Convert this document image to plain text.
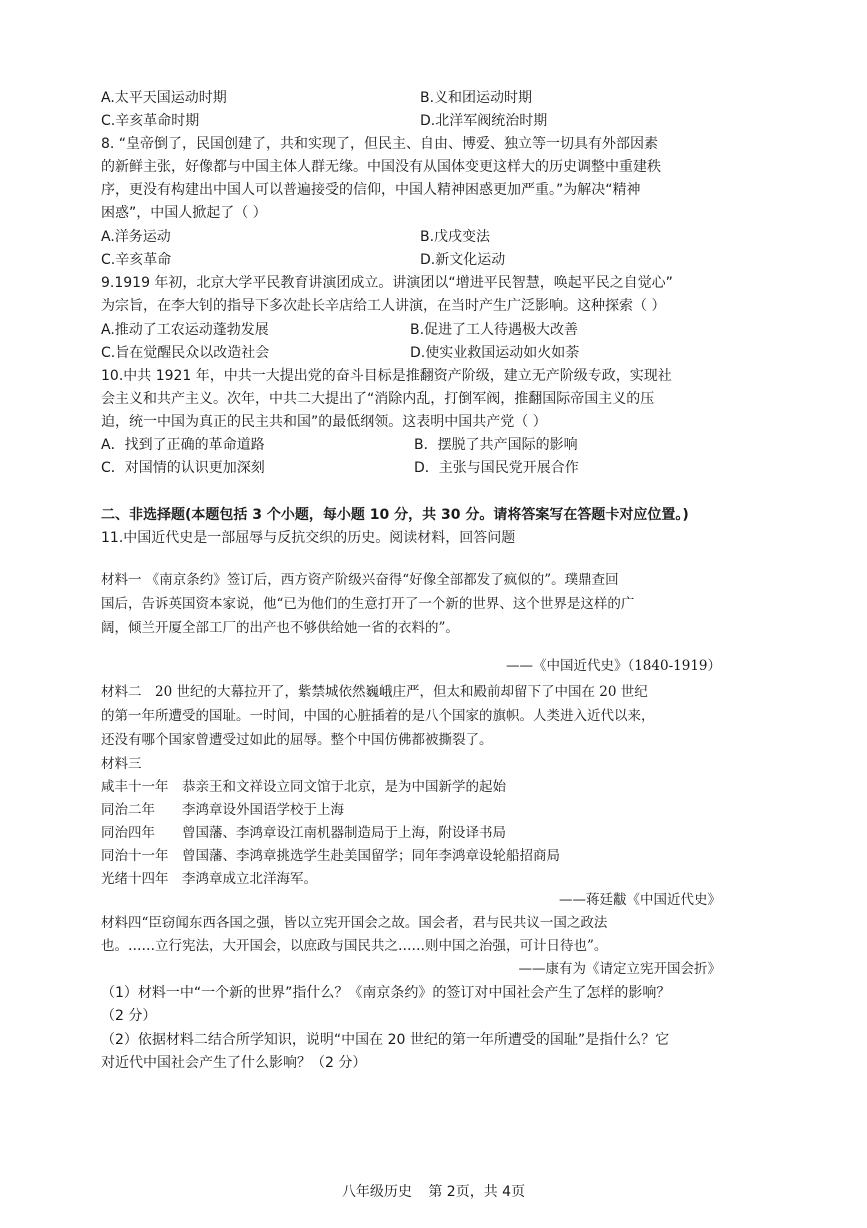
A.太平天国运动时期	B.义和团运动时期
C.辛亥革命时期	D.北洋军阀统治时期
8. “皇帝倒了，民国创建了，共和实现了，但民主、自由、博爱、独立等一切具有外部因素
的新鲜主张，好像都与中国主体人群无缘。中国没有从国体变更这样大的历史调整中重建秩
序，更没有构建出中国人可以普遍接受的信仰，中国人精神困惑更加严重。”为解决“精神
困惑”，中国人掀起了（ ）
A.洋务运动	B.戊戌变法
C.辛亥革命	D.新文化运动
9.1919 年初，北京大学平民教育讲演团成立。讲演团以“增进平民智慧，唤起平民之自觉心”
为宗旨，在李大钊的指导下多次赴长辛店给工人讲演，在当时产生广泛影响。这种探索（ ）
A.推动了工农运动蓬勃发展	B.促进了工人待遇极大改善
C.旨在觉醒民众以改造社会	D.使实业救国运动如火如荼
10.中共 1921 年，中共一大提出党的奋斗目标是推翻资产阶级，建立无产阶级专政，实现社
会主义和共产主义。次年，中共二大提出了“消除内乱，打倒军阀，推翻国际帝国主义的压
迫，统一中国为真正的民主共和国”的最低纲领。这表明中国共产党（ ）
A．找到了正确的革命道路	B．摆脱了共产国际的影响
C．对国情的认识更加深刻	D．主张与国民党开展合作
二、非选择题(本题包括 3 个小题，每小题 10 分，共 30 分。请将答案写在答题卡对应位置。)
11.中国近代史是一部屈辱与反抗交织的历史。阅读材料，回答问题
材料一 《南京条约》签订后，西方资产阶级兴奋得“好像全部都发了疯似的”。璞鼎查回
国后，告诉英国资本家说，他“已为他们的生意打开了一个新的世界、这个世界是这样的广
阔，倾兰开厦全部工厂的出产也不够供给她一省的衣料的”。
——《中国近代史》（1840-1919）
材料二　20 世纪的大幕拉开了，紫禁城依然巍峨庄严，但太和殿前却留下了中国在 20 世纪
的第一年所遭受的国耻。一时间，中国的心脏插着的是八个国家的旗帜。人类进入近代以来，
还没有哪个国家曾遭受过如此的屈辱。整个中国仿佛都被撕裂了。
材料三
咸丰十一年　恭亲王和文祥设立同文馆于北京，是为中国新学的起始
同治二年　　李鸿章设外国语学校于上海
同治四年　　曾国藩、李鸿章设江南机器制造局于上海，附设译书局
同治十一年　曾国藩、李鸿章挑选学生赴美国留学；同年李鸿章设轮船招商局
光绪十四年　李鸿章成立北洋海军。
——蒋廷黻《中国近代史》
材料四“臣窃闻东西各国之强，皆以立宪开国会之故。国会者，君与民共议一国之政法
也。……立行宪法，大开国会，以庶政与国民共之……则中国之治强，可计日待也”。
——康有为《请定立宪开国会折》
（1）材料一中“一个新的世界”指什么？《南京条约》的签订对中国社会产生了怎样的影响？
（2 分）
（2）依据材料二结合所学知识，说明“中国在 20 世纪的第一年所遭受的国耻”是指什么？它
对近代中国社会产生了什么影响？（2 分）
八年级历史 第 2页，共 4页
